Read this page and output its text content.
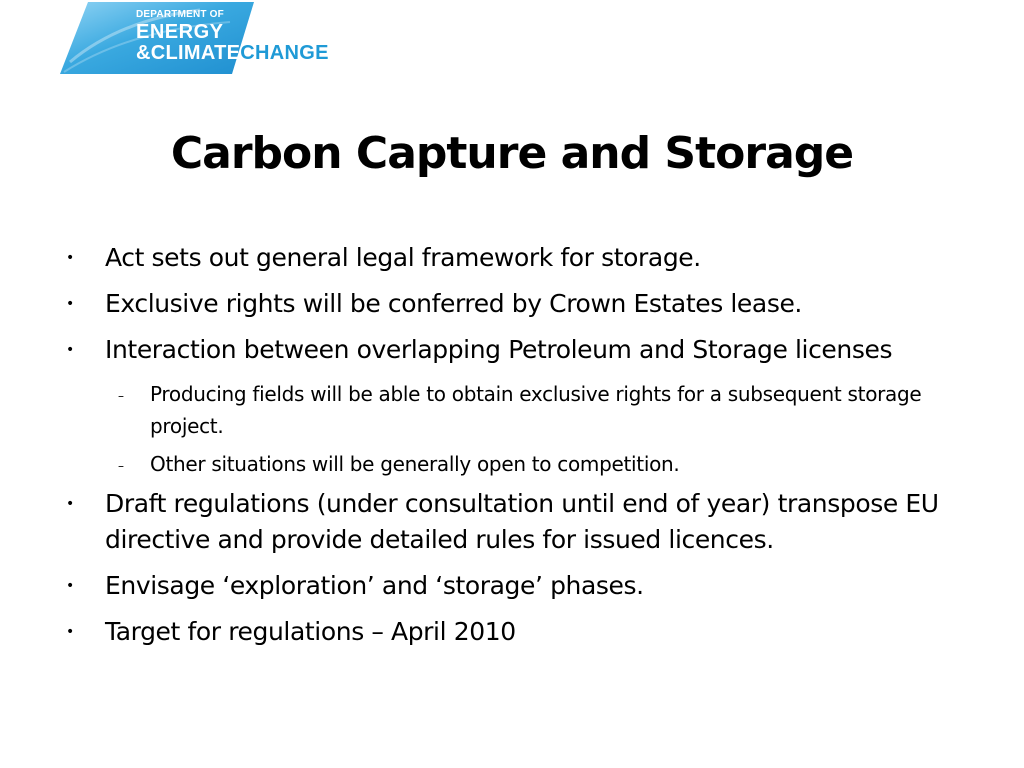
DEPARTMENT OF
ENERGY
&CLIMATECHANGE
Carbon Capture and Storage
• Act sets out general legal framework for storage.
• Exclusive rights will be conferred by Crown Estates lease.
• Interaction between overlapping Petroleum and Storage licenses
– Producing fields will be able to obtain exclusive rights for a subsequent storage project.
– Other situations will be generally open to competition.
• Draft regulations (under consultation until end of year) transpose EU directive and provide detailed rules for issued licences.
• Envisage ‘exploration’ and ‘storage’ phases.
• Target for regulations – April 2010
